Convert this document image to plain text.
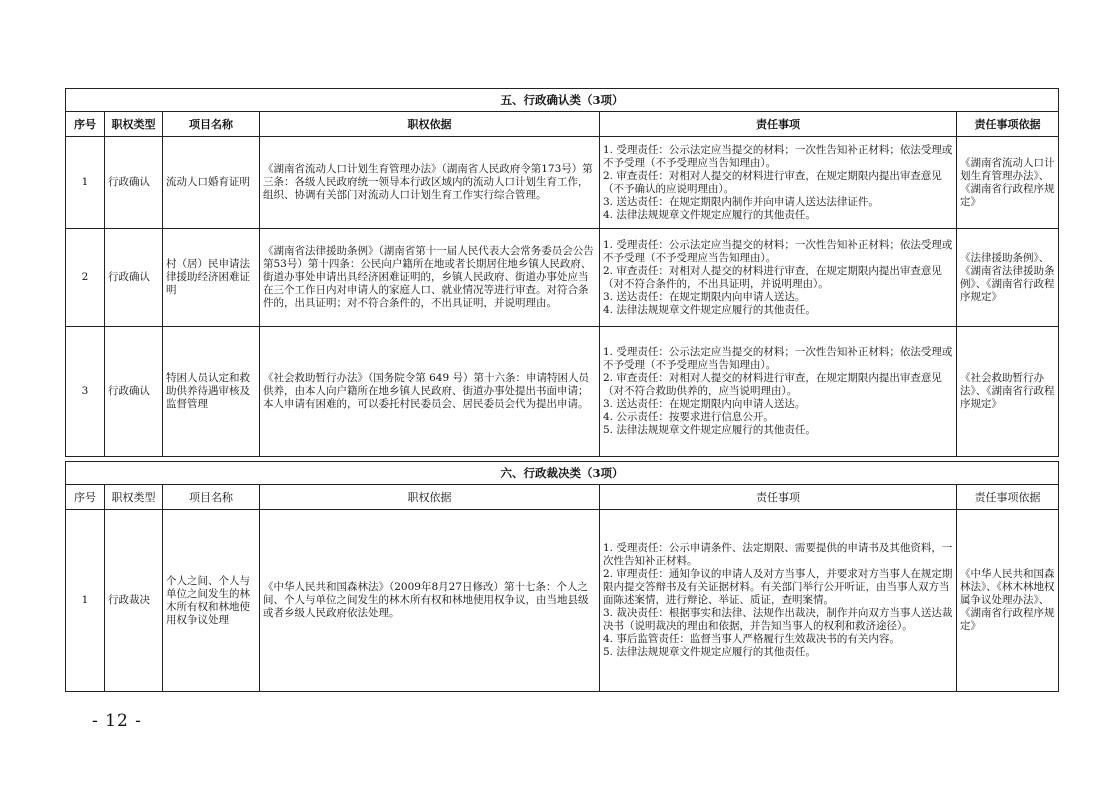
五、行政确认类（3项）					
序号	职权类型	项目名称	职权依据	责任事项	责任事项依据
1	行政确认	流动人口婚育证明	《湖南省流动人口计划生育管理办法》（湖南省人民政府令第173号）第三条：各级人民政府统一领导本行政区域内的流动人口计划生育工作，组织、协调有关部门对流动人口计划生育工作实行综合管理。	1. 受理责任：公示法定应当提交的材料；一次性告知补正材料；依法受理或不予受理（不予受理应当告知理由）。
2. 审查责任：对相对人提交的材料进行审查，在规定期限内提出审查意见（不予确认的应说明理由）。
3. 送达责任：在规定期限内制作并向申请人送达法律证件。
4. 法律法规规章文件规定应履行的其他责任。	《湖南省流动人口计划生育管理办法》、《湖南省行政程序规定》
2	行政确认	村（居）民申请法律援助经济困难证明	《湖南省法律援助条例》（湖南省第十一届人民代表大会常务委员会公告第53号）第十四条：公民向户籍所在地或者长期居住地乡镇人民政府、街道办事处申请出具经济困难证明的，乡镇人民政府、街道办事处应当在三个工作日内对申请人的家庭人口、就业情况等进行审查。对符合条件的，出具证明；对不符合条件的，不出具证明，并说明理由。	1. 受理责任：公示法定应当提交的材料；一次性告知补正材料；依法受理或不予受理（不予受理应当告知理由）。
2. 审查责任：对相对人提交的材料进行审查，在规定期限内提出审查意见（对不符合条件的，不出具证明，并说明理由）。
3. 送达责任：在规定期限内向申请人送达。
4. 法律法规规章文件规定应履行的其他责任。	《法律援助条例》、《湖南省法律援助条例》、《湖南省行政程序规定》
3	行政确认	特困人员认定和救助供养待遇审核及监督管理	《社会救助暂行办法》（国务院令第 649 号）第十六条：申请特困人员供养，由本人向户籍所在地乡镇人民政府、街道办事处提出书面申请；本人申请有困难的，可以委托村民委员会、居民委员会代为提出申请。	1. 受理责任：公示法定应当提交的材料；一次性告知补正材料；依法受理或不予受理（不予受理应当告知理由）。
2. 审查责任：对相对人提交的材料进行审查，在规定期限内提出审查意见（对不符合救助供养的，应当说明理由）。
3. 送达责任：在规定期限内向申请人送达。
4. 公示责任：按要求进行信息公开。
5. 法律法规规章文件规定应履行的其他责任。	《社会救助暂行办法》、《湖南省行政程序规定》
六、行政裁决类（3项）					
序号	职权类型	项目名称	职权依据	责任事项	责任事项依据
1	行政裁决	个人之间、个人与单位之间发生的林木所有权和林地使用权争议处理	《中华人民共和国森林法》（2009年8月27日修改）第十七条：个人之间、个人与单位之间发生的林木所有权和林地使用权争议，由当地县级或者乡级人民政府依法处理。	1. 受理责任：公示申请条件、法定期限、需要提供的申请书及其他资料，一次性告知补正材料。
2. 审理责任：通知争议的申请人及对方当事人，并要求对方当事人在规定期限内提交答辩书及有关证据材料。有关部门举行公开听证，由当事人双方当面陈述案情，进行辩论、举证、质证，查明案情。
3. 裁决责任：根据事实和法律、法规作出裁决，制作并向双方当事人送达裁决书（说明裁决的理由和依据，并告知当事人的权利和救济途径）。
4. 事后监管责任：监督当事人严格履行生效裁决书的有关内容。
5. 法律法规规章文件规定应履行的其他责任。	《中华人民共和国森林法》、《林木林地权属争议处理办法》、《湖南省行政程序规定》
- 12 -
